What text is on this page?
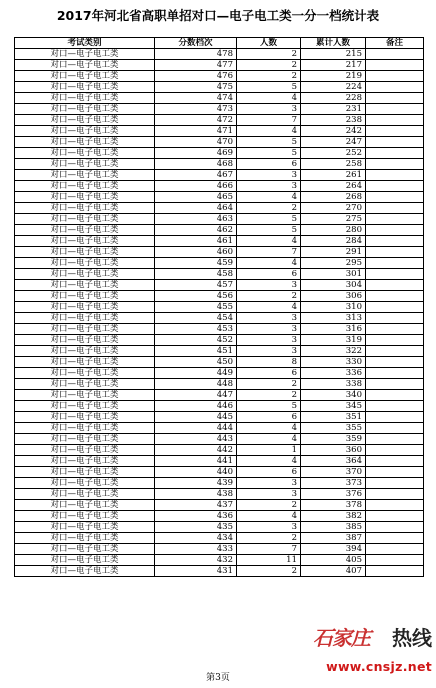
2017年河北省高职单招对口—电子电工类一分一档统计表
考试类别	分数档次	人数	累计人数	备注
对口—电子电工类	478	2	215	
对口—电子电工类	477	2	217	
对口—电子电工类	476	2	219	
对口—电子电工类	475	5	224	
对口—电子电工类	474	4	228	
对口—电子电工类	473	3	231	
对口—电子电工类	472	7	238	
对口—电子电工类	471	4	242	
对口—电子电工类	470	5	247	
对口—电子电工类	469	5	252	
对口—电子电工类	468	6	258	
对口—电子电工类	467	3	261	
对口—电子电工类	466	3	264	
对口—电子电工类	465	4	268	
对口—电子电工类	464	2	270	
对口—电子电工类	463	5	275	
对口—电子电工类	462	5	280	
对口—电子电工类	461	4	284	
对口—电子电工类	460	7	291	
对口—电子电工类	459	4	295	
对口—电子电工类	458	6	301	
对口—电子电工类	457	3	304	
对口—电子电工类	456	2	306	
对口—电子电工类	455	4	310	
对口—电子电工类	454	3	313	
对口—电子电工类	453	3	316	
对口—电子电工类	452	3	319	
对口—电子电工类	451	3	322	
对口—电子电工类	450	8	330	
对口—电子电工类	449	6	336	
对口—电子电工类	448	2	338	
对口—电子电工类	447	2	340	
对口—电子电工类	446	5	345	
对口—电子电工类	445	6	351	
对口—电子电工类	444	4	355	
对口—电子电工类	443	4	359	
对口—电子电工类	442	1	360	
对口—电子电工类	441	4	364	
对口—电子电工类	440	6	370	
对口—电子电工类	439	3	373	
对口—电子电工类	438	3	376	
对口—电子电工类	437	2	378	
对口—电子电工类	436	4	382	
对口—电子电工类	435	3	385	
对口—电子电工类	434	2	387	
对口—电子电工类	433	7	394	
对口—电子电工类	432	11	405	
对口—电子电工类	431	2	407	
第3页
石家庄 热线
www.cnsjz.net
